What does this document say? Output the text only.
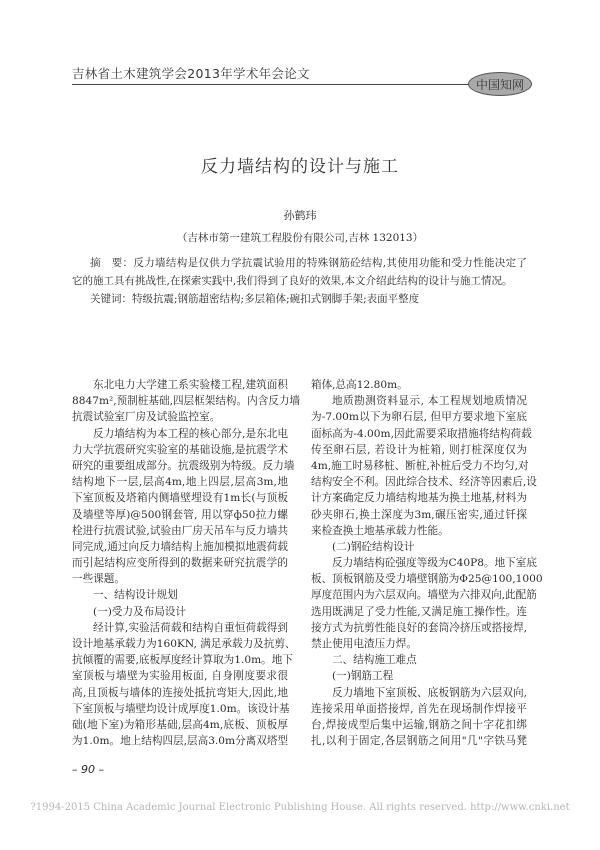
吉林省土木建筑学会2013年学术年会论文
中国知网
反力墙结构的设计与施工
孙鹤玮
（吉林市第一建筑工程股份有限公司,吉林 132013）
摘　要：反力墙结构是仅供力学抗震试验用的特殊钢筋砼结构,其使用功能和受力性能决定了
它的施工具有挑战性,在探索实践中,我们得到了良好的效果,本文介绍此结构的设计与施工情况。
关键词：特级抗震;钢筋超密结构;多层箱体;碗扣式钢脚手架;表面平整度
东北电力大学建工系实验楼工程,建筑面积
8847m²,预制桩基础,四层框架结构。内含反力墙
抗震试验室厂房及试验监控室。
反力墙结构为本工程的核心部分,是东北电
力大学抗震研究实验室的基础设施,是抗震学术
研究的重要组成部分。抗震级别为特级。反力墙
结构地下一层,层高4m,地上四层,层高3m,地
下室顶板及塔箱内侧墙壁埋设有1m长(与顶板
及墙壁等厚)@500钢套管, 用以穿ф50拉力螺
栓进行抗震试验,试验由厂房天吊车与反力墙共
同完成,通过向反力墙结构上施加模拟地震荷载
而引起结构应变所得到的数据来研究抗震学的
一些课题。
一、结构设计规划
(一)受力及布局设计
经计算,实验活荷载和结构自重恒荷载得到
设计地基承载力为160KN, 满足承载力及抗剪、
抗倾覆的需要,底板厚度经计算取为1.0m。地下
室顶板与墙壁为实验用板面, 自身刚度要求很
高,且顶板与墙体的连接处抵抗弯矩大,因此,地
下室顶板与墙壁均设计成厚度1.0m。该设计基
础(地下室)为箱形基础,层高4m,底板、顶板厚
为1.0m。地上结构四层,层高3.0m分离双塔型
箱体,总高12.80m。
地质勘测资料显示, 本工程规划地质情况
为-7.00m以下为卵石层, 但甲方要求地下室底
面标高为-4.00m,因此需要采取措施将结构荷载
传至卵石层, 若设计为桩箱, 则打桩深度仅为
4m,施工时易移桩、断桩,补桩后受力不均匀,对
结构安全不利。因此综合技术、经济等因素后,设
计方案确定反力墙结构地基为换土地基,材料为
砂夹卵石,换土深度为3m,碾压密实,通过钎探
来检查换土地基承载力性能。
(二)钢砼结构设计
反力墙结构砼强度等级为C40P8。地下室底
板、顶板钢筋及受力墙壁钢筋为Φ25@100,1000
厚度范围内为六层双向。墙壁为六排双向,此配筋
选用既满足了受力性能,又满足施工操作性。连
接方式为抗剪性能良好的套筒冷挤压或搭接焊,
禁止使用电渣压力焊。
二、结构施工难点
(一)钢筋工程
反力墙地下室顶板、底板钢筋为六层双向,
连接采用单面搭接焊, 首先在现场制作焊接平
台,焊接成型后集中运输,钢筋之间十字花扣绑
扎,以利于固定,各层钢筋之间用"几"字铁马凳
– 90 –
?1994-2015 China Academic Journal Electronic Publishing House. All rights reserved. http://www.cnki.net
